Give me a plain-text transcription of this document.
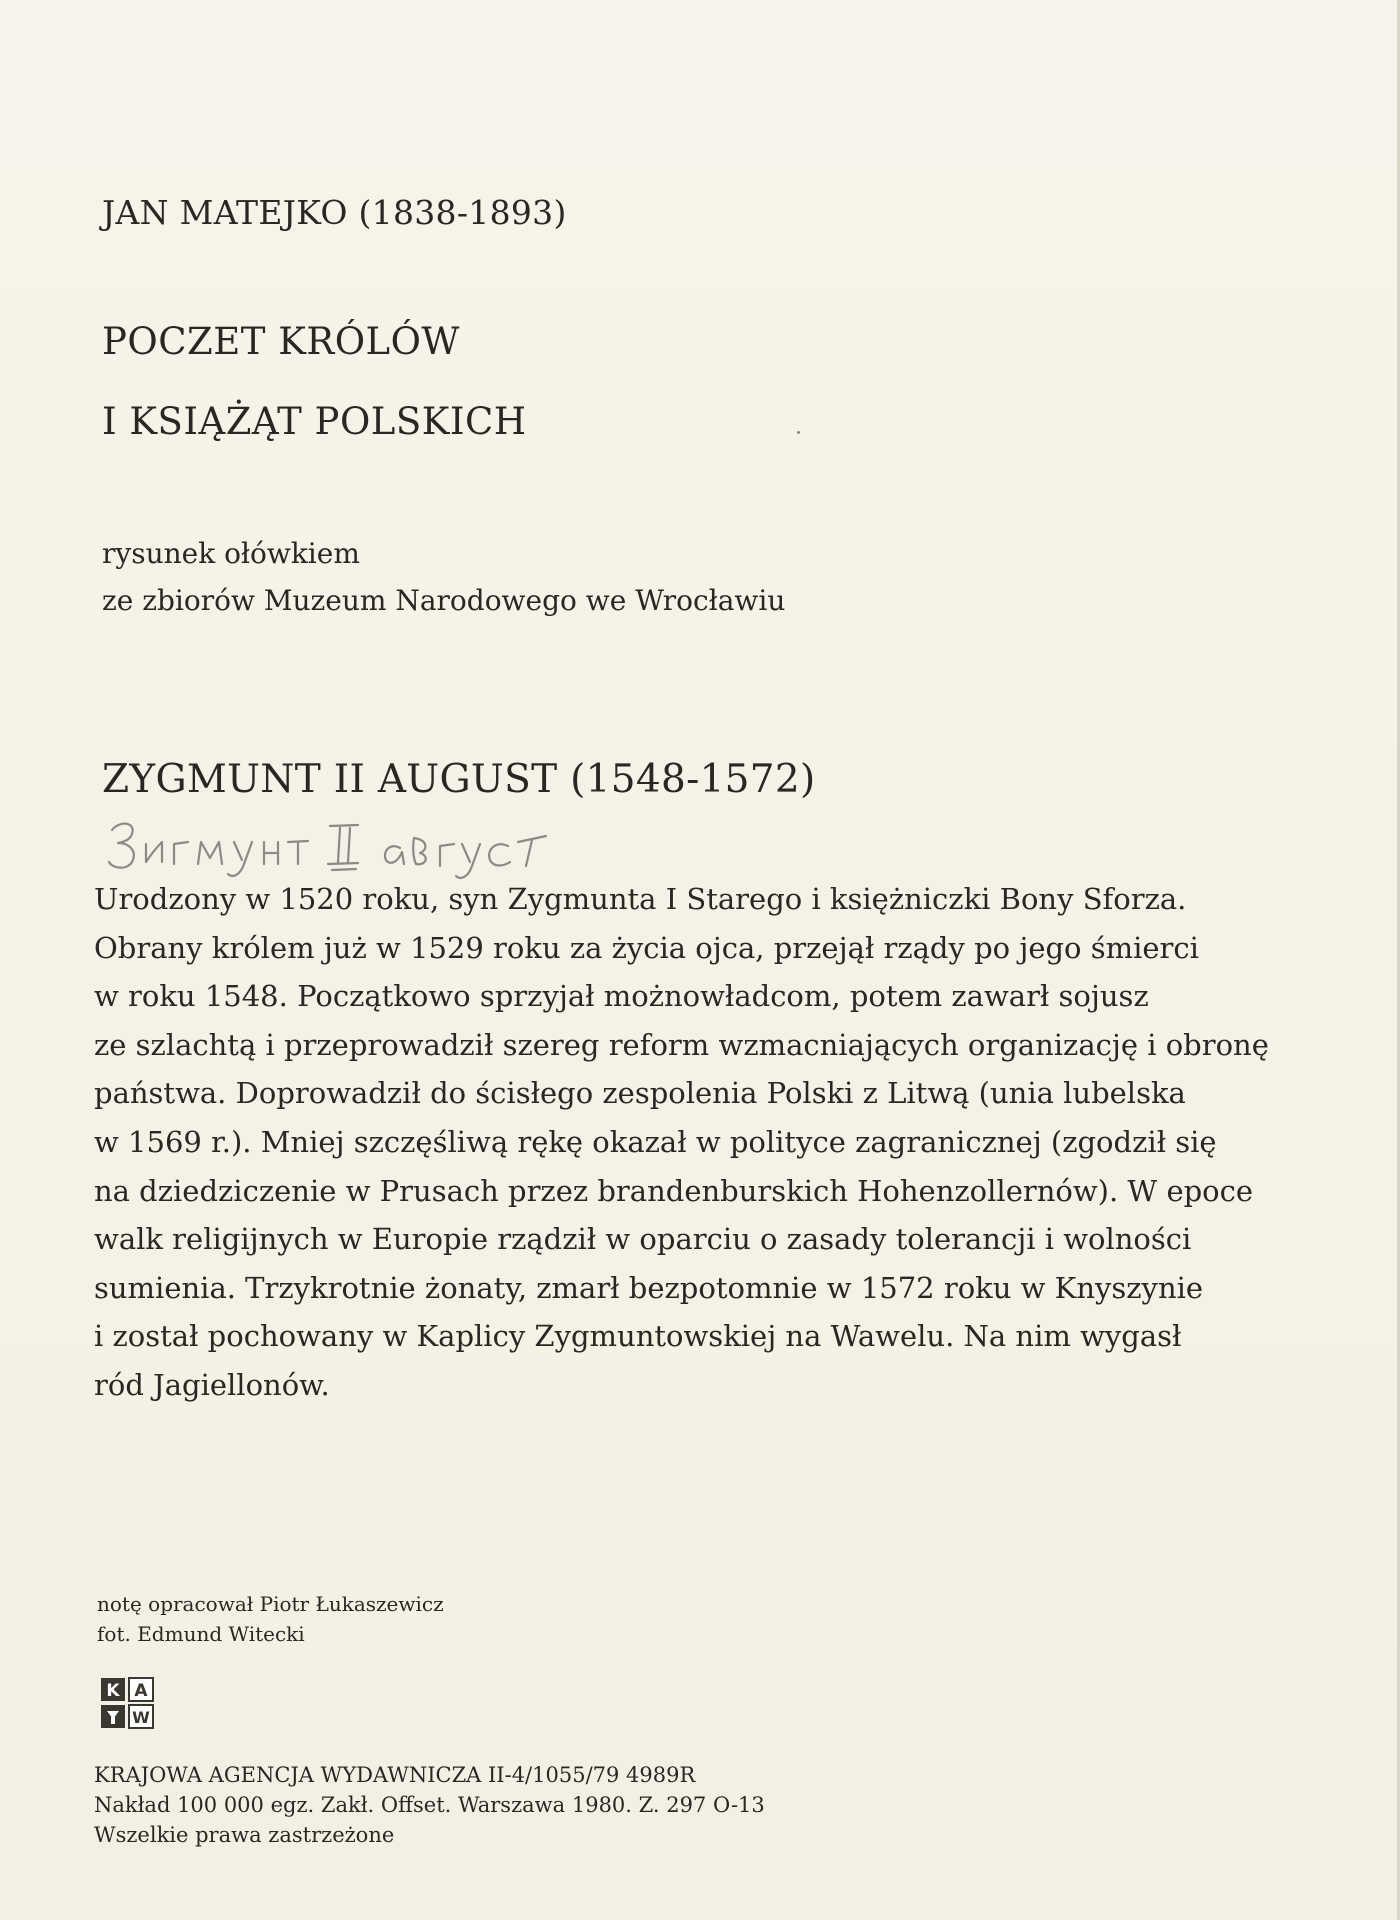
JAN MATEJKO (1838-1893)
POCZET KRÓLÓW
I KSIĄŻĄT POLSKICH
rysunek ołówkiem
ze zbiorów Muzeum Narodowego we Wrocławiu
ZYGMUNT II AUGUST (1548-1572)
Urodzony w 1520 roku, syn Zygmunta I Starego i księżniczki Bony Sforza.
Obrany królem już w 1529 roku za życia ojca, przejął rządy po jego śmierci
w roku 1548. Początkowo sprzyjał możnowładcom, potem zawarł sojusz
ze szlachtą i przeprowadził szereg reform wzmacniających organizację i obronę
państwa. Doprowadził do ścisłego zespolenia Polski z Litwą (unia lubelska
w 1569 r.). Mniej szczęśliwą rękę okazał w polityce zagranicznej (zgodził się
na dziedziczenie w Prusach przez brandenburskich Hohenzollernów). W epoce
walk religijnych w Europie rządził w oparciu o zasady tolerancji i wolności
sumienia. Trzykrotnie żonaty, zmarł bezpotomnie w 1572 roku w Knyszynie
i został pochowany w Kaplicy Zygmuntowskiej na Wawelu. Na nim wygasł
ród Jagiellonów.
notę opracował Piotr Łukaszewicz
fot. Edmund Witecki
K A
W
KRAJOWA AGENCJA WYDAWNICZA II-4/1055/79 4989R
Nakład 100 000 egz. Zakł. Offset. Warszawa 1980. Z. 297 O-13
Wszelkie prawa zastrzeżone
